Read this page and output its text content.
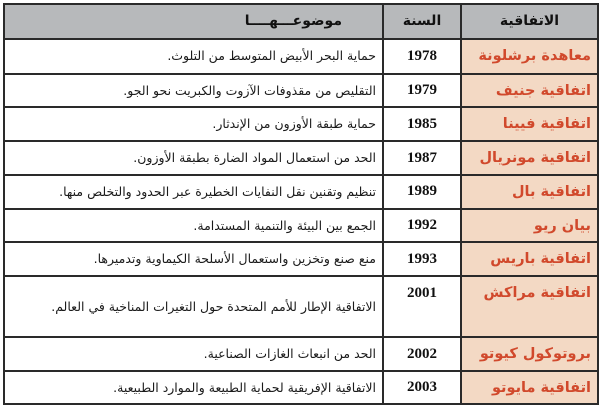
الاتفاقية	السنة	موضوعـــهــــا
معاهدة برشلونة	1978	حماية البحر الأبيض المتوسط من التلوث.
اتفاقية جنيف	1979	التقليص من مقذوفات الآزوت والكبريت نحو الجو.
اتفاقية فيينا	1985	حماية طبقة الأوزون من الإندثار.
اتفاقية مونريال	1987	الحد من استعمال المواد الضارة بطبقة الأوزون.
اتفاقية بال	1989	تنظيم وتقنين نقل النفايات الخطيرة عبر الحدود والتخلص منها.
بيان ريو	1992	الجمع بين البيئة والتنمية المستدامة.
اتفاقية باريس	1993	منع صنع وتخزين واستعمال الأسلحة الكيماوية وتدميرها.
اتفاقية مراكش	2001	الاتفاقية الإطار للأمم المتحدة حول التغيرات المناخية في العالم.
بروتوكول كيوتو	2002	الحد من انبعاث الغازات الصناعية.
اتفاقية مايوتو	2003	الاتفاقية الإفريقية لحماية الطبيعة والموارد الطبيعية.
